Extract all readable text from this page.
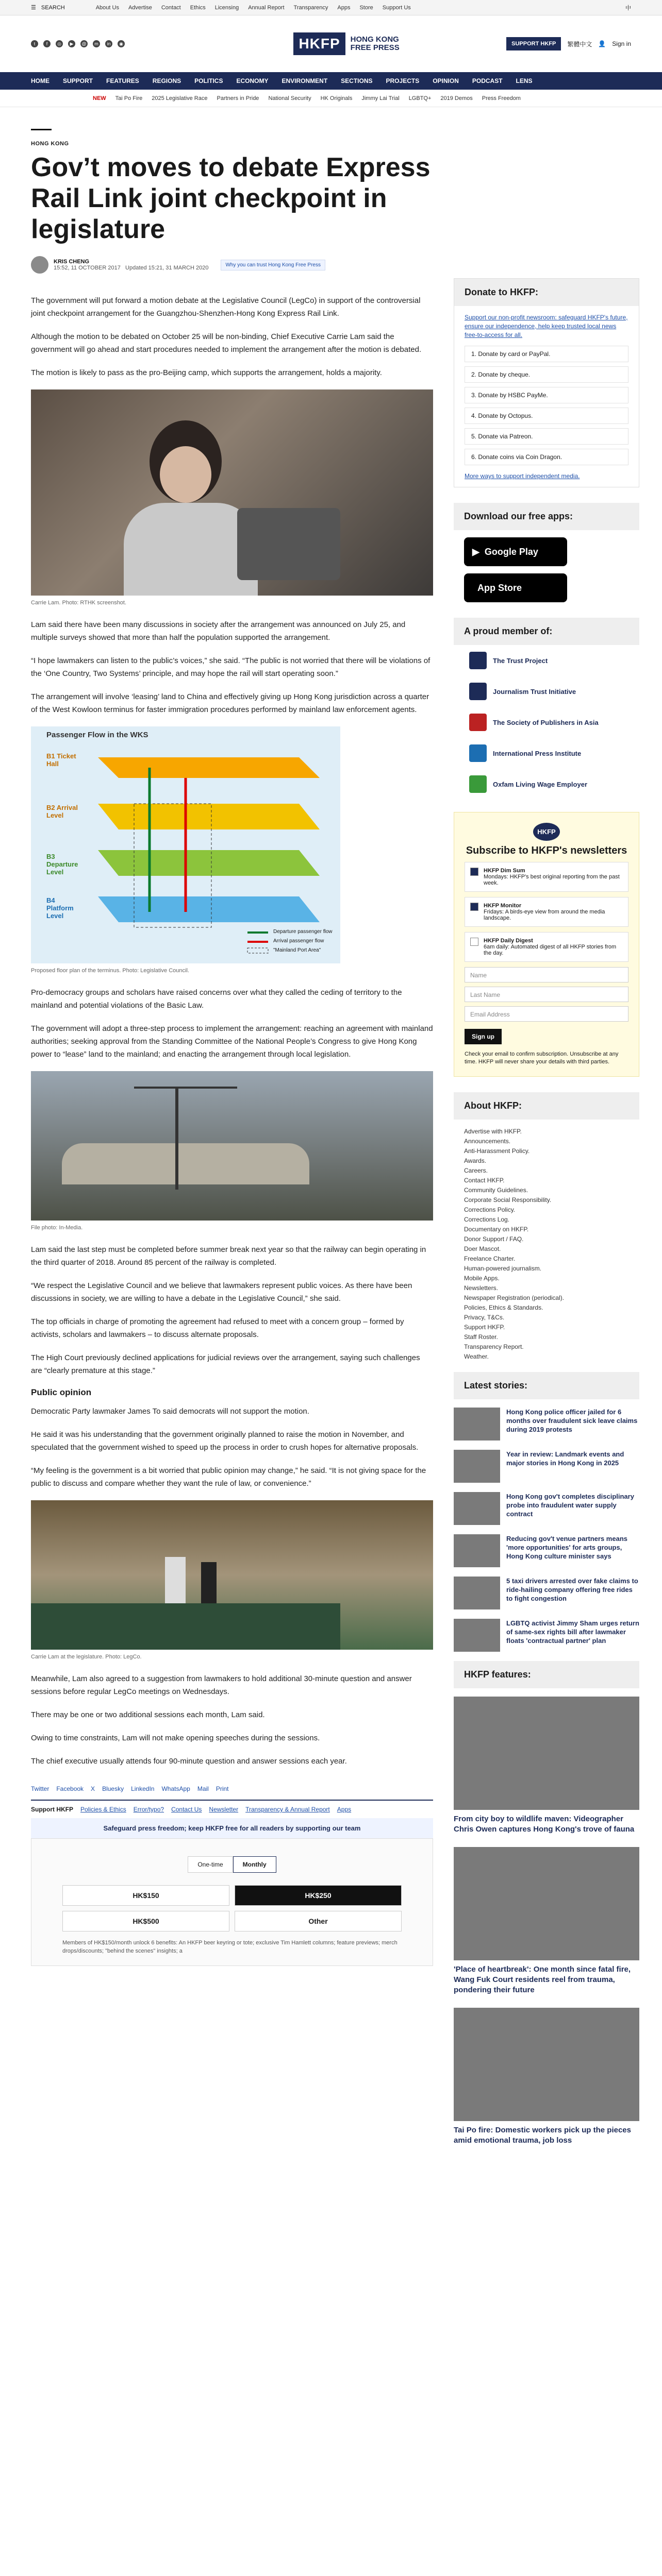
☰ SEARCH	About Us Advertise Contact Ethics Licensing Annual Report Transparency Apps Store Support Us	中
t	f	◎	▶	@	m	in	◉	HKFP	HONG KONG
FREE PRESS	SUPPORT HKFP	繁體中文 👤 Sign in
HOME SUPPORT FEATURES REGIONS POLITICS ECONOMY ENVIRONMENT SECTIONS PROJECTS OPINION PODCAST LENS
NEW Tai Po Fire 2025 Legislative Race Partners in Pride National Security HK Originals Jimmy Lai Trial LGBTQ+ 2019 Demos Press Freedom
HONG KONG
Gov’t moves to debate Express Rail Link joint checkpoint in legislature
KRIS CHENG
15:52, 11 OCTOBER 2017 Updated 15:21, 31 MARCH 2020	Why you can trust Hong Kong Free Press

The government will put forward a motion debate at the Legislative Council (LegCo) in support of the controversial joint checkpoint arrangement for the Guangzhou-Shenzhen-Hong Kong Express Rail Link.

Although the motion to be debated on October 25 will be non-binding, Chief Executive Carrie Lam said the government will go ahead and start procedures needed to implement the arrangement after the motion is debated.

The motion is likely to pass as the pro-Beijing camp, which supports the arrangement, holds a majority.

Carrie Lam. Photo: RTHK screenshot.

Lam said there have been many discussions in society after the arrangement was announced on July 25, and multiple surveys showed that more than half the population supported the arrangement.

“I hope lawmakers can listen to the public’s voices,” she said. “The public is not worried that there will be violations of the ‘One Country, Two Systems’ principle, and may hope the rail will start operating soon.”

The arrangement will involve ‘leasing’ land to China and effectively giving up Hong Kong jurisdiction across a quarter of the West Kowloon terminus for faster immigration procedures performed by mainland law enforcement agents.

Passenger Flow in the WKS
B1 Ticket Hall
B2 Arrival Level
B3 Departure Level
B4 Platform Level
Departure passenger flow
Arrival passenger flow
"Mainland Port Area"
Proposed floor plan of the terminus. Photo: Legislative Council.

Pro-democracy groups and scholars have raised concerns over what they called the ceding of territory to the mainland and potential violations of the Basic Law.

The government will adopt a three-step process to implement the arrangement: reaching an agreement with mainland authorities; seeking approval from the Standing Committee of the National People’s Congress to give Hong Kong power to “lease” land to the mainland; and enacting the arrangement through local legislation.

File photo: In-Media.

Lam said the last step must be completed before summer break next year so that the railway can begin operating in the third quarter of 2018. Around 85 percent of the railway is completed.

“We respect the Legislative Council and we believe that lawmakers represent public voices. As there have been discussions in society, we are willing to have a debate in the Legislative Council,” she said.

The top officials in charge of promoting the agreement had refused to meet with a concern group – formed by activists, scholars and lawmakers – to discuss alternate proposals.

The High Court previously declined applications for judicial reviews over the arrangement, saying such challenges are “clearly premature at this stage.”

Public opinion

Democratic Party lawmaker James To said democrats will not support the motion.

He said it was his understanding that the government originally planned to raise the motion in November, and speculated that the government wished to speed up the process in order to crush hopes for alternative proposals.

“My feeling is the government is a bit worried that public opinion may change,” he said. “It is not giving space for the public to discuss and compare whether they want the rule of law, or convenience.”

Carrie Lam at the legislature. Photo: LegCo.

Meanwhile, Lam also agreed to a suggestion from lawmakers to hold additional 30-minute question and answer sessions before regular LegCo meetings on Wednesdays.

There may be one or two additional sessions each month, Lam said.

Owing to time constraints, Lam will not make opening speeches during the sessions.

The chief executive usually attends four 90-minute question and answer sessions each year.

Twitter Facebook X Bluesky LinkedIn WhatsApp Mail Print
Support HKFP Policies & Ethics Error/typo? Contact Us Newsletter Transparency & Annual Report Apps
Safeguard press freedom; keep HKFP free for all readers by supporting our team
One-time	Monthly
HK$150	HK$250
HK$500	Other
Members of HK$150/month unlock 6 benefits: An HKFP beer keyring or tote; exclusive Tim Hamlett columns; feature previews; merch drops/discounts; "behind the scenes" insights; a
Donate to HKFP:
Support our non-profit newsroom: safeguard HKFP's future, ensure our independence, help keep trusted local news free-to-access for all.
1. Donate by card or PayPal.
2. Donate by cheque.
3. Donate by HSBC PayMe.
4. Donate by Octopus.
5. Donate via Patreon.
6. Donate coins via Coin Dragon.
More ways to support independent media.
Download our free apps:
▶ Google Play
App Store
A proud member of:
The Trust Project
Journalism Trust Initiative
The Society of Publishers in Asia
International Press Institute
Oxfam Living Wage Employer
HKFP
Subscribe to HKFP's newsletters
HKFP Dim Sum
Mondays: HKFP's best original reporting from the past week.
HKFP Monitor
Fridays: A birds-eye view from around the media landscape.
HKFP Daily Digest
6am daily: Automated digest of all HKFP stories from the day.
Name
Last Name
Email Address
Sign up
Check your email to confirm subscription. Unsubscribe at any time. HKFP will never share your details with third parties.
About HKFP:
Advertise with HKFP.
Announcements.
Anti-Harassment Policy.
Awards.
Careers.
Contact HKFP.
Community Guidelines.
Corporate Social Responsibility.
Corrections Policy.
Corrections Log.
Documentary on HKFP.
Donor Support / FAQ.
Doer Mascot.
Freelance Charter.
Human-powered journalism.
Mobile Apps.
Newsletters.
Newspaper Registration (periodical).
Policies, Ethics & Standards.
Privacy, T&Cs.
Support HKFP.
Staff Roster.
Transparency Report.
Weather.
Latest stories:
Hong Kong police officer jailed for 6 months over fraudulent sick leave claims during 2019 protests
Year in review: Landmark events and major stories in Hong Kong in 2025
Hong Kong gov't completes disciplinary probe into fraudulent water supply contract
Reducing gov't venue partners means 'more opportunities' for arts groups, Hong Kong culture minister says
5 taxi drivers arrested over fake claims to ride-hailing company offering free rides to fight congestion
LGBTQ activist Jimmy Sham urges return of same-sex rights bill after lawmaker floats 'contractual partner' plan
HKFP features:
From city boy to wildlife maven: Videographer Chris Owen captures Hong Kong's trove of fauna
'Place of heartbreak': One month since fatal fire, Wang Fuk Court residents reel from trauma, pondering their future
Tai Po fire: Domestic workers pick up the pieces amid emotional trauma, job loss
